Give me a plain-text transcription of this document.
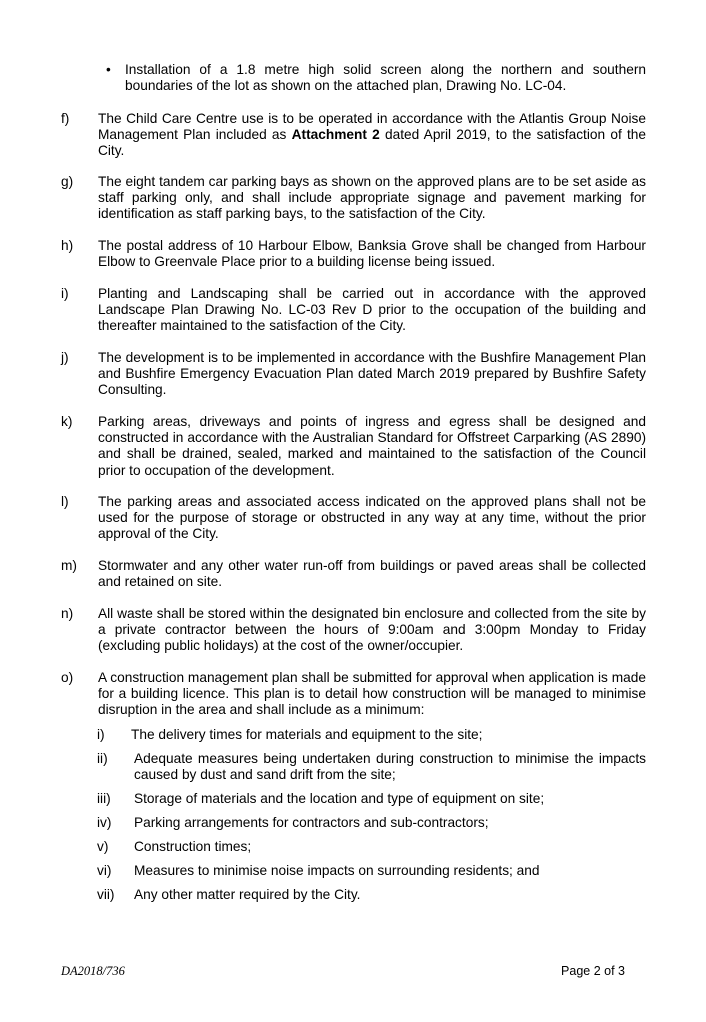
•	Installation of a 1.8 metre high solid screen along the northern and southern boundaries of the lot as shown on the attached plan, Drawing No. LC-04.
f)	The Child Care Centre use is to be operated in accordance with the Atlantis Group Noise Management Plan included as Attachment 2 dated April 2019, to the satisfaction of the City.
g)	The eight tandem car parking bays as shown on the approved plans are to be set aside as staff parking only, and shall include appropriate signage and pavement marking for identification as staff parking bays, to the satisfaction of the City.
h)	The postal address of 10 Harbour Elbow, Banksia Grove shall be changed from Harbour Elbow to Greenvale Place prior to a building license being issued.
i)	Planting and Landscaping shall be carried out in accordance with the approved Landscape Plan Drawing No. LC-03 Rev D prior to the occupation of the building and thereafter maintained to the satisfaction of the City.
j)	The development is to be implemented in accordance with the Bushfire Management Plan and Bushfire Emergency Evacuation Plan dated March 2019 prepared by Bushfire Safety Consulting.
k)	Parking areas, driveways and points of ingress and egress shall be designed and constructed in accordance with the Australian Standard for Offstreet Carparking (AS 2890) and shall be drained, sealed, marked and maintained to the satisfaction of the Council prior to occupation of the development.
l)	The parking areas and associated access indicated on the approved plans shall not be used for the purpose of storage or obstructed in any way at any time, without the prior approval of the City.
m)	Stormwater and any other water run-off from buildings or paved areas shall be collected and retained on site.
n)	All waste shall be stored within the designated bin enclosure and collected from the site by a private contractor between the hours of 9:00am and 3:00pm Monday to Friday (excluding public holidays) at the cost of the owner/occupier.
o)	A construction management plan shall be submitted for approval when application is made for a building licence. This plan is to detail how construction will be managed to minimise disruption in the area and shall include as a minimum:
i)	The delivery times for materials and equipment to the site;
ii)	Adequate measures being undertaken during construction to minimise the impacts caused by dust and sand drift from the site;
iii)	Storage of materials and the location and type of equipment on site;
iv)	Parking arrangements for contractors and sub-contractors;
v)	Construction times;
vi)	Measures to minimise noise impacts on surrounding residents; and
vii)	Any other matter required by the City.
DA2018/736	Page 2 of 3
